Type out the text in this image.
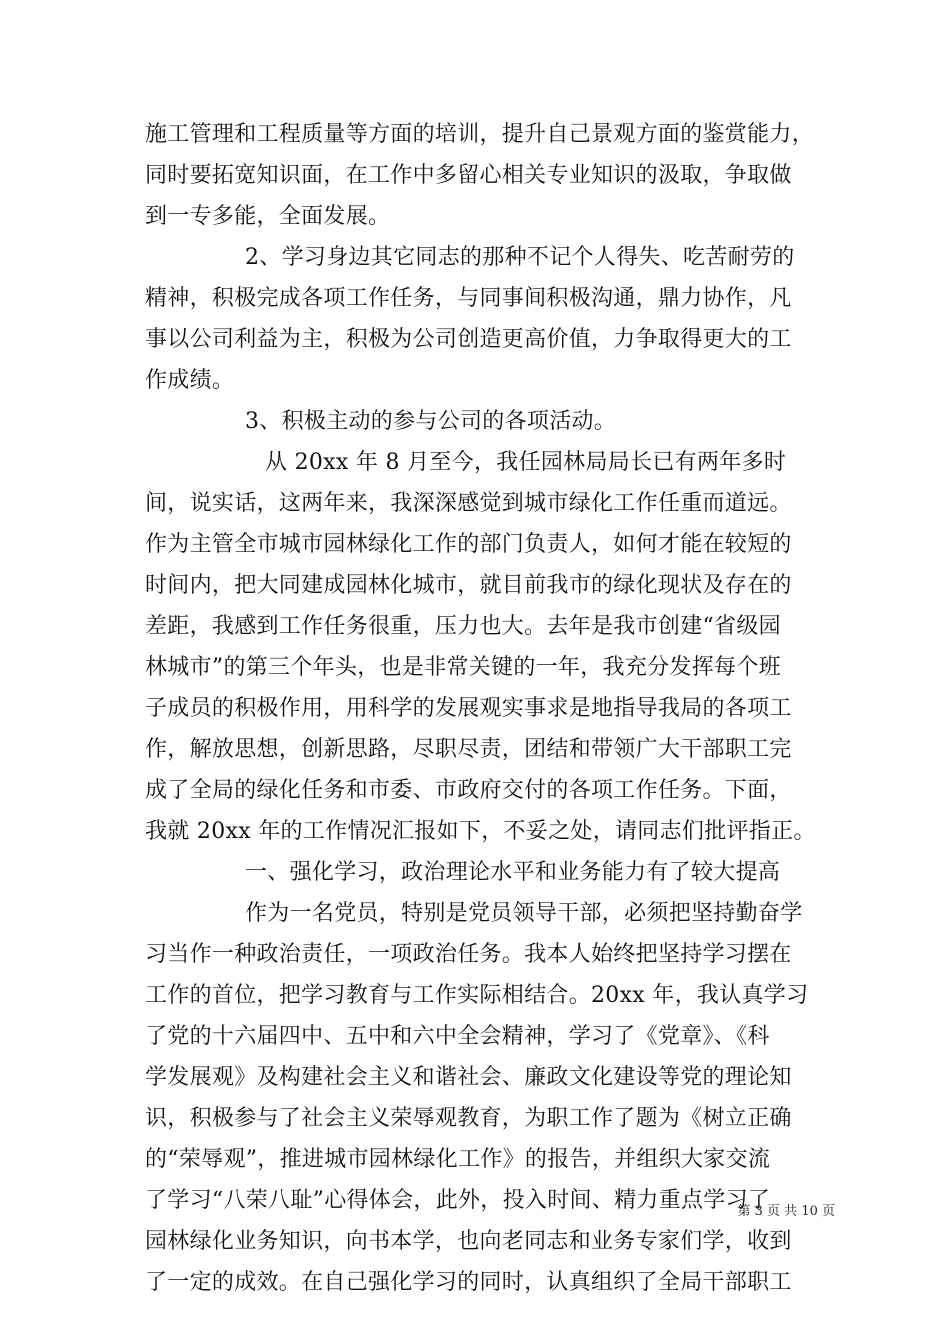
施工管理和工程质量等方面的培训，提升自己景观方面的鉴赏能力，
同时要拓宽知识面，在工作中多留心相关专业知识的汲取，争取做
到一专多能，全面发展。
2、学习身边其它同志的那种不记个人得失、吃苦耐劳的
精神，积极完成各项工作任务，与同事间积极沟通，鼎力协作，凡
事以公司利益为主，积极为公司创造更高价值，力争取得更大的工
作成绩。
3、积极主动的参与公司的各项活动。
从 20xx 年 8 月至今，我任园林局局长已有两年多时
间，说实话，这两年来，我深深感觉到城市绿化工作任重而道远。
作为主管全市城市园林绿化工作的部门负责人，如何才能在较短的
时间内，把大同建成园林化城市，就目前我市的绿化现状及存在的
差距，我感到工作任务很重，压力也大。去年是我市创建“省级园
林城市”的第三个年头，也是非常关键的一年，我充分发挥每个班
子成员的积极作用，用科学的发展观实事求是地指导我局的各项工
作，解放思想，创新思路，尽职尽责，团结和带领广大干部职工完
成了全局的绿化任务和市委、市政府交付的各项工作任务。下面，
我就 20xx 年的工作情况汇报如下，不妥之处，请同志们批评指正。
一、强化学习，政治理论水平和业务能力有了较大提高
作为一名党员，特别是党员领导干部，必须把坚持勤奋学
习当作一种政治责任，一项政治任务。我本人始终把坚持学习摆在
工作的首位，把学习教育与工作实际相结合。20xx 年，我认真学习
了党的十六届四中、五中和六中全会精神，学习了《党章》、《科
学发展观》及构建社会主义和谐社会、廉政文化建设等党的理论知
识，积极参与了社会主义荣辱观教育，为职工作了题为《树立正确
的“荣辱观”，推进城市园林绿化工作》的报告，并组织大家交流
了学习“八荣八耻”心得体会，此外，投入时间、精力重点学习了
园林绿化业务知识，向书本学，也向老同志和业务专家们学，收到
了一定的成效。在自己强化学习的同时，认真组织了全局干部职工
第 3 页 共 10 页
